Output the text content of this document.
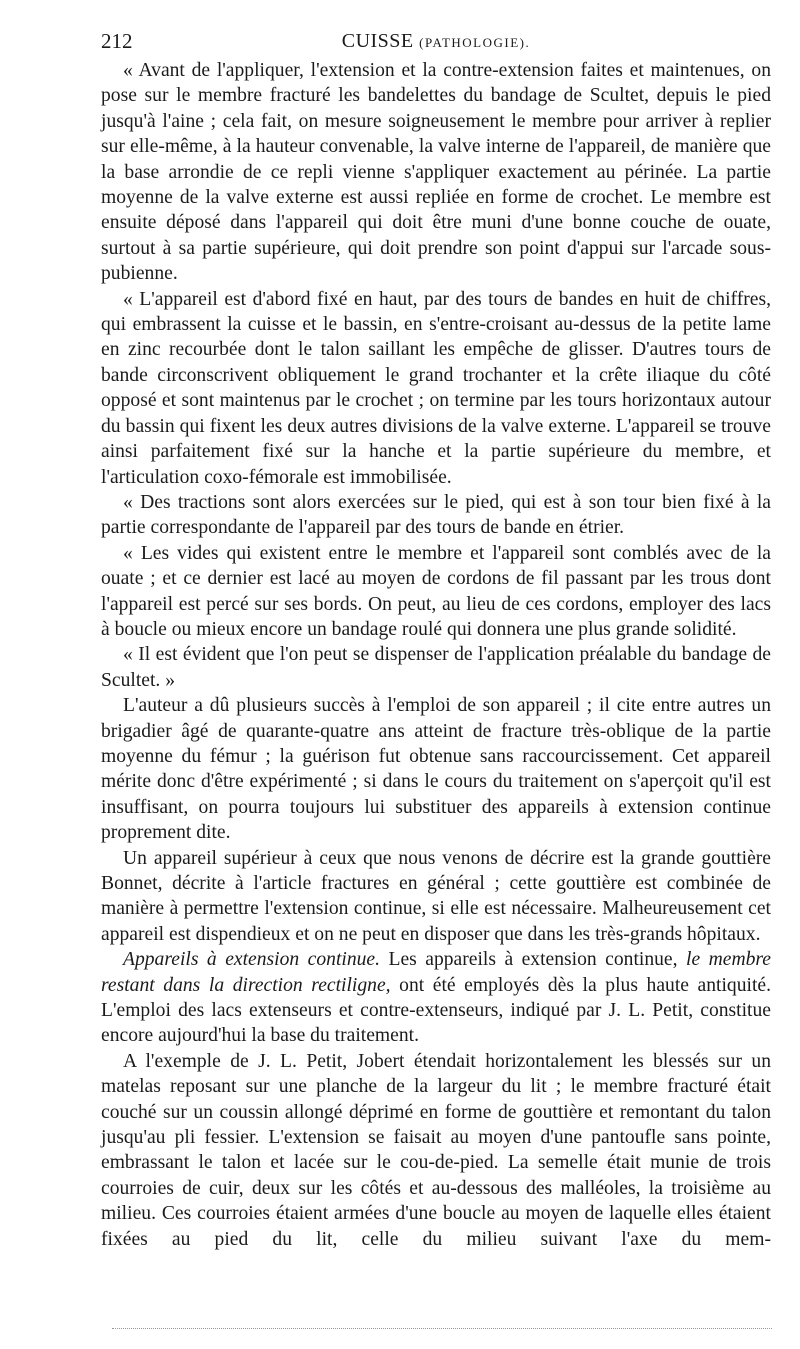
212	CUISSE (PATHOLOGIE).

« Avant de l'appliquer, l'extension et la contre-extension faites et maintenues, on pose sur le membre fracturé les bandelettes du bandage de Scultet, depuis le pied jusqu'à l'aine ; cela fait, on mesure soigneusement le membre pour arriver à replier sur elle-même, à la hauteur convenable, la valve interne de l'appareil, de manière que la base arrondie de ce repli vienne s'appliquer exactement au périnée. La partie moyenne de la valve externe est aussi repliée en forme de crochet. Le membre est ensuite déposé dans l'appareil qui doit être muni d'une bonne couche de ouate, surtout à sa partie supérieure, qui doit prendre son point d'appui sur l'arcade sous-pubienne.

« L'appareil est d'abord fixé en haut, par des tours de bandes en huit de chiffres, qui embrassent la cuisse et le bassin, en s'entre-croisant au-dessus de la petite lame en zinc recourbée dont le talon saillant les empêche de glisser. D'autres tours de bande circonscrivent obliquement le grand trochanter et la crête iliaque du côté opposé et sont maintenus par le crochet ; on termine par les tours horizontaux autour du bassin qui fixent les deux autres divisions de la valve externe. L'appareil se trouve ainsi parfaitement fixé sur la hanche et la partie supérieure du membre, et l'articulation coxo-fémorale est immobilisée.

« Des tractions sont alors exercées sur le pied, qui est à son tour bien fixé à la partie correspondante de l'appareil par des tours de bande en étrier.

« Les vides qui existent entre le membre et l'appareil sont comblés avec de la ouate ; et ce dernier est lacé au moyen de cordons de fil passant par les trous dont l'appareil est percé sur ses bords. On peut, au lieu de ces cordons, employer des lacs à boucle ou mieux encore un bandage roulé qui donnera une plus grande solidité.

« Il est évident que l'on peut se dispenser de l'application préalable du bandage de Scultet. »

L'auteur a dû plusieurs succès à l'emploi de son appareil ; il cite entre autres un brigadier âgé de quarante-quatre ans atteint de fracture très-oblique de la partie moyenne du fémur ; la guérison fut obtenue sans raccourcissement. Cet appareil mérite donc d'être expérimenté ; si dans le cours du traitement on s'aperçoit qu'il est insuffisant, on pourra toujours lui substituer des appareils à extension continue proprement dite.

Un appareil supérieur à ceux que nous venons de décrire est la grande gouttière Bonnet, décrite à l'article fractures en général ; cette gouttière est combinée de manière à permettre l'extension continue, si elle est nécessaire. Malheureusement cet appareil est dispendieux et on ne peut en disposer que dans les très-grands hôpitaux.

Appareils à extension continue. Les appareils à extension continue, le membre restant dans la direction rectiligne, ont été employés dès la plus haute antiquité. L'emploi des lacs extenseurs et contre-extenseurs, indiqué par J. L. Petit, constitue encore aujourd'hui la base du traitement.

A l'exemple de J. L. Petit, Jobert étendait horizontalement les blessés sur un matelas reposant sur une planche de la largeur du lit ; le membre fracturé était couché sur un coussin allongé déprimé en forme de gouttière et remontant du talon jusqu'au pli fessier. L'extension se faisait au moyen d'une pantoufle sans pointe, embrassant le talon et lacée sur le cou-de-pied. La semelle était munie de trois courroies de cuir, deux sur les côtés et au-dessous des malléoles, la troisième au milieu. Ces courroies étaient armées d'une boucle au moyen de laquelle elles étaient fixées au pied du lit, celle du milieu suivant l'axe du mem-
